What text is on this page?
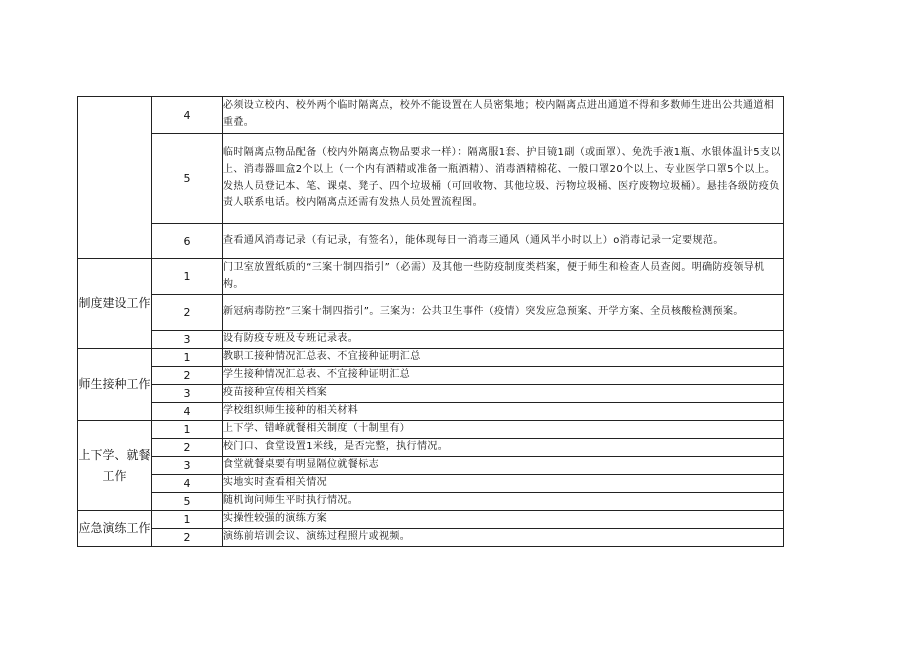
	4	必须设立校内、校外两个临时隔离点，校外不能设置在人员密集地；校内隔离点进出通道不得和多数师生进出公共通道相重叠。
	5	临时隔离点物品配备（校内外隔离点物品要求一样）：隔离服1套、护目镜1副（或面罩）、免洗手液1瓶、水银体温计5支以上、消毒器皿盒2个以上（一个内有酒精或准备一瓶酒精）、消毒酒精棉花、一般口罩20个以上、专业医学口罩5个以上。发热人员登记本、笔、课桌、凳子、四个垃圾桶（可回收物、其他垃圾、污物垃圾桶、医疗废物垃圾桶）。悬挂各级防疫负责人联系电话。校内隔离点还需有发热人员处置流程图。
	6	查看通风消毒记录（有记录，有签名），能体现每日一消毒三通风（通风半小时以上）o消毒记录一定要规范。
制度建设工作	1	门卫室放置纸质的“三案十制四指引”（必需）及其他一些防疫制度类档案，便于师生和检查人员查阅。明确防疫领导机构。
	2	新冠病毒防控”三案十制四指引”。三案为：公共卫生事件（疫情）突发应急预案、开学方案、全员核酸检测预案。
	3	设有防疫专班及专班记录表。
师生接种工作	1	教职工接种情况汇总表、不宜接种证明汇总
	2	学生接种情况汇总表、不宜接种证明汇总
	3	疫苗接种宣传相关档案
	4	学校组织师生接种的相关材料
上下学、就餐工作	1	上下学、错峰就餐相关制度（十制里有）
	2	校门口、食堂设置1米线，是否完整，执行情况。
	3	食堂就餐桌要有明显隔位就餐标志
	4	实地实时查看相关情况
	5	随机询问师生平时执行情况。
应急演练工作	1	实操性较强的演练方案
	2	演练前培训会议、演练过程照片或视频。
